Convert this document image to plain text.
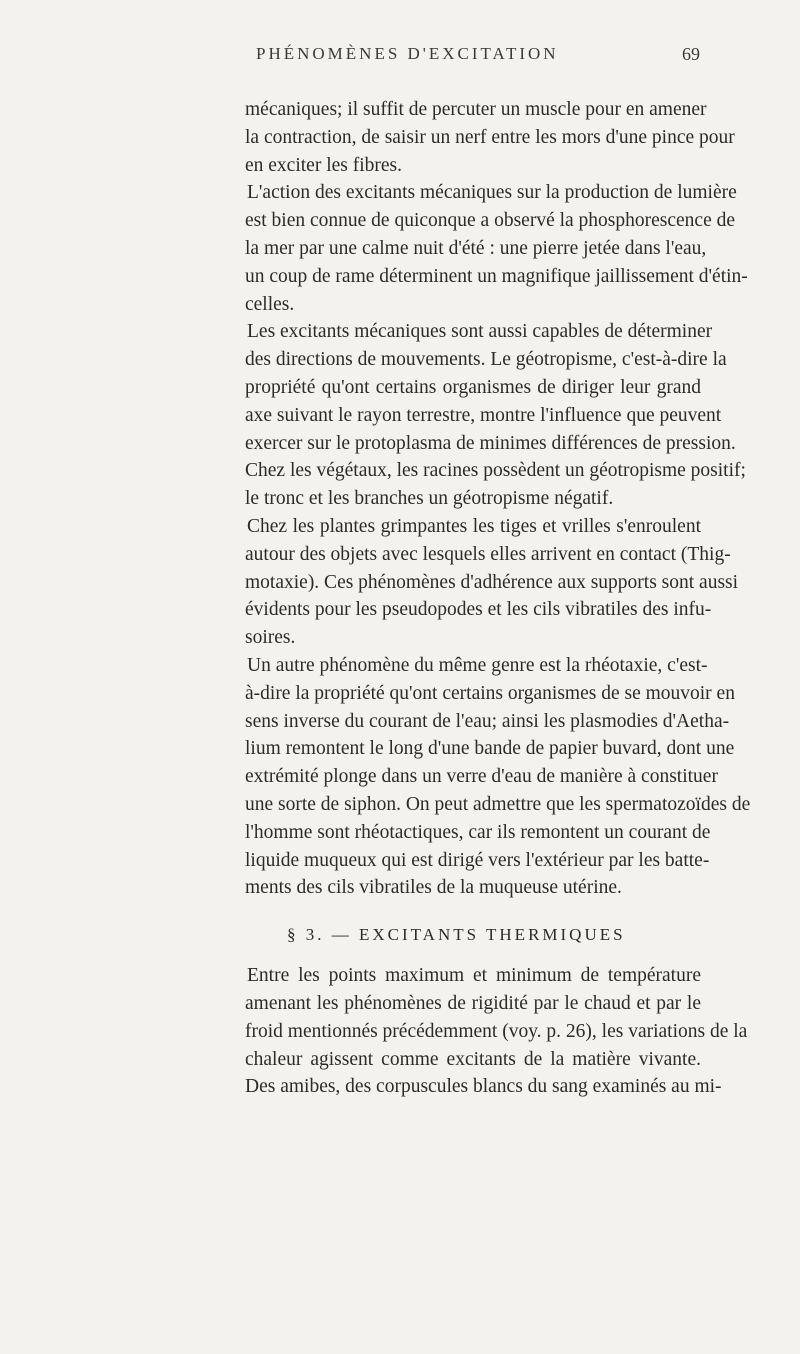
PHÉNOMÈNES D'EXCITATION	69
mécaniques; il suffit de percuter un muscle pour en amener
la contraction, de saisir un nerf entre les mors d'une pince pour
en exciter les fibres.
L'action des excitants mécaniques sur la production de lumière
est bien connue de quiconque a observé la phosphorescence de
la mer par une calme nuit d'été : une pierre jetée dans l'eau,
un coup de rame déterminent un magnifique jaillissement d'étin-
celles.
Les excitants mécaniques sont aussi capables de déterminer
des directions de mouvements. Le géotropisme, c'est-à-dire la
propriété qu'ont certains organismes de diriger leur grand
axe suivant le rayon terrestre, montre l'influence que peuvent
exercer sur le protoplasma de minimes différences de pression.
Chez les végétaux, les racines possèdent un géotropisme positif;
le tronc et les branches un géotropisme négatif.
Chez les plantes grimpantes les tiges et vrilles s'enroulent
autour des objets avec lesquels elles arrivent en contact (Thig-
motaxie). Ces phénomènes d'adhérence aux supports sont aussi
évidents pour les pseudopodes et les cils vibratiles des infu-
soires.
Un autre phénomène du même genre est la rhéotaxie, c'est-
à-dire la propriété qu'ont certains organismes de se mouvoir en
sens inverse du courant de l'eau; ainsi les plasmodies d'Aetha-
lium remontent le long d'une bande de papier buvard, dont une
extrémité plonge dans un verre d'eau de manière à constituer
une sorte de siphon. On peut admettre que les spermatozoïdes de
l'homme sont rhéotactiques, car ils remontent un courant de
liquide muqueux qui est dirigé vers l'extérieur par les batte-
ments des cils vibratiles de la muqueuse utérine.
§ 3. — EXCITANTS THERMIQUES
Entre les points maximum et minimum de température
amenant les phénomènes de rigidité par le chaud et par le
froid mentionnés précédemment (voy. p. 26), les variations de la
chaleur agissent comme excitants de la matière vivante.
Des amibes, des corpuscules blancs du sang examinés au mi-
